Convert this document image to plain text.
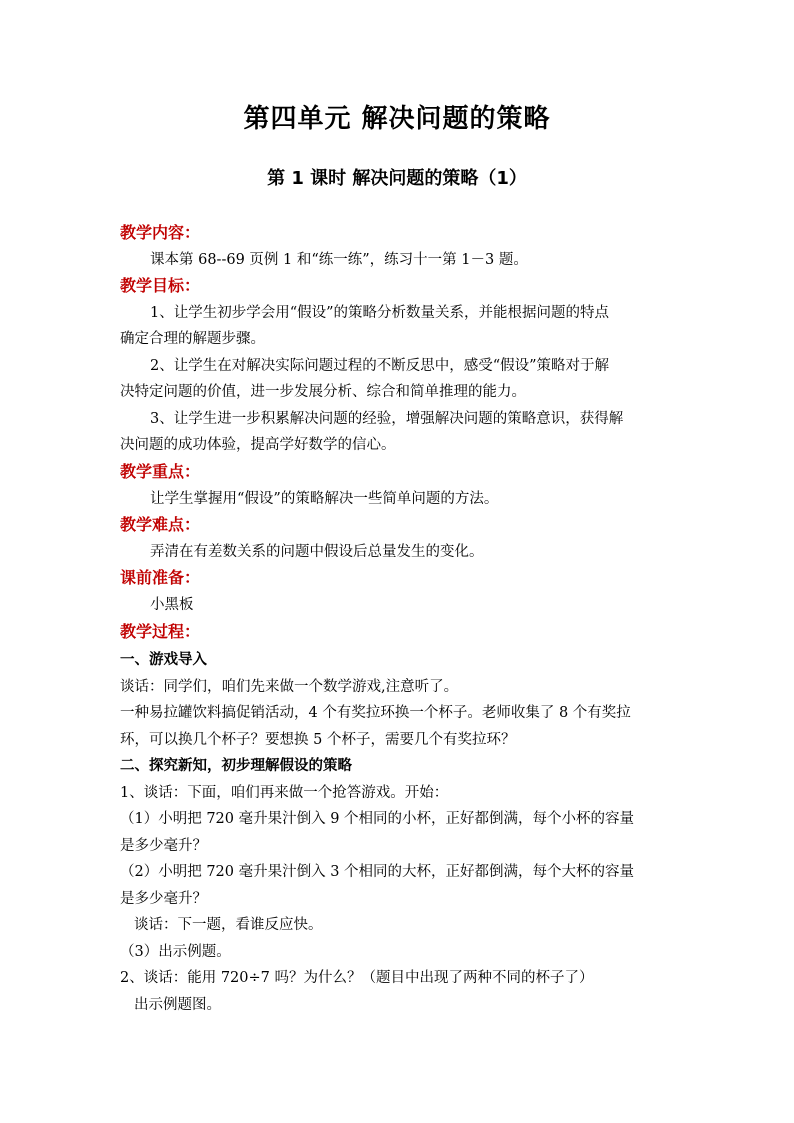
第四单元 解决问题的策略
第 1 课时 解决问题的策略（1）
教学内容：
课本第 68--69 页例 1 和“练一练”，练习十一第 1－3 题。
教学目标：
1、让学生初步学会用“假设”的策略分析数量关系，并能根据问题的特点
确定合理的解题步骤。
2、让学生在对解决实际问题过程的不断反思中，感受“假设”策略对于解
决特定问题的价值，进一步发展分析、综合和简单推理的能力。
3、让学生进一步积累解决问题的经验，增强解决问题的策略意识，获得解
决问题的成功体验，提高学好数学的信心。
教学重点：
让学生掌握用“假设”的策略解决一些简单问题的方法。
教学难点：
弄清在有差数关系的问题中假设后总量发生的变化。
课前准备：
小黑板
教学过程：
一、游戏导入
谈话：同学们，咱们先来做一个数学游戏,注意听了。
一种易拉罐饮料搞促销活动，4 个有奖拉环换一个杯子。老师收集了 8 个有奖拉
环，可以换几个杯子？要想换 5 个杯子，需要几个有奖拉环？
二、探究新知，初步理解假设的策略
1、谈话：下面，咱们再来做一个抢答游戏。开始：
（1）小明把 720 毫升果汁倒入 9 个相同的小杯，正好都倒满，每个小杯的容量
是多少毫升？
（2）小明把 720 毫升果汁倒入 3 个相同的大杯，正好都倒满，每个大杯的容量
是多少毫升？
谈话：下一题，看谁反应快。
（3）出示例题。
2、谈话：能用 720÷7 吗？为什么？（题目中出现了两种不同的杯子了）
出示例题图。
